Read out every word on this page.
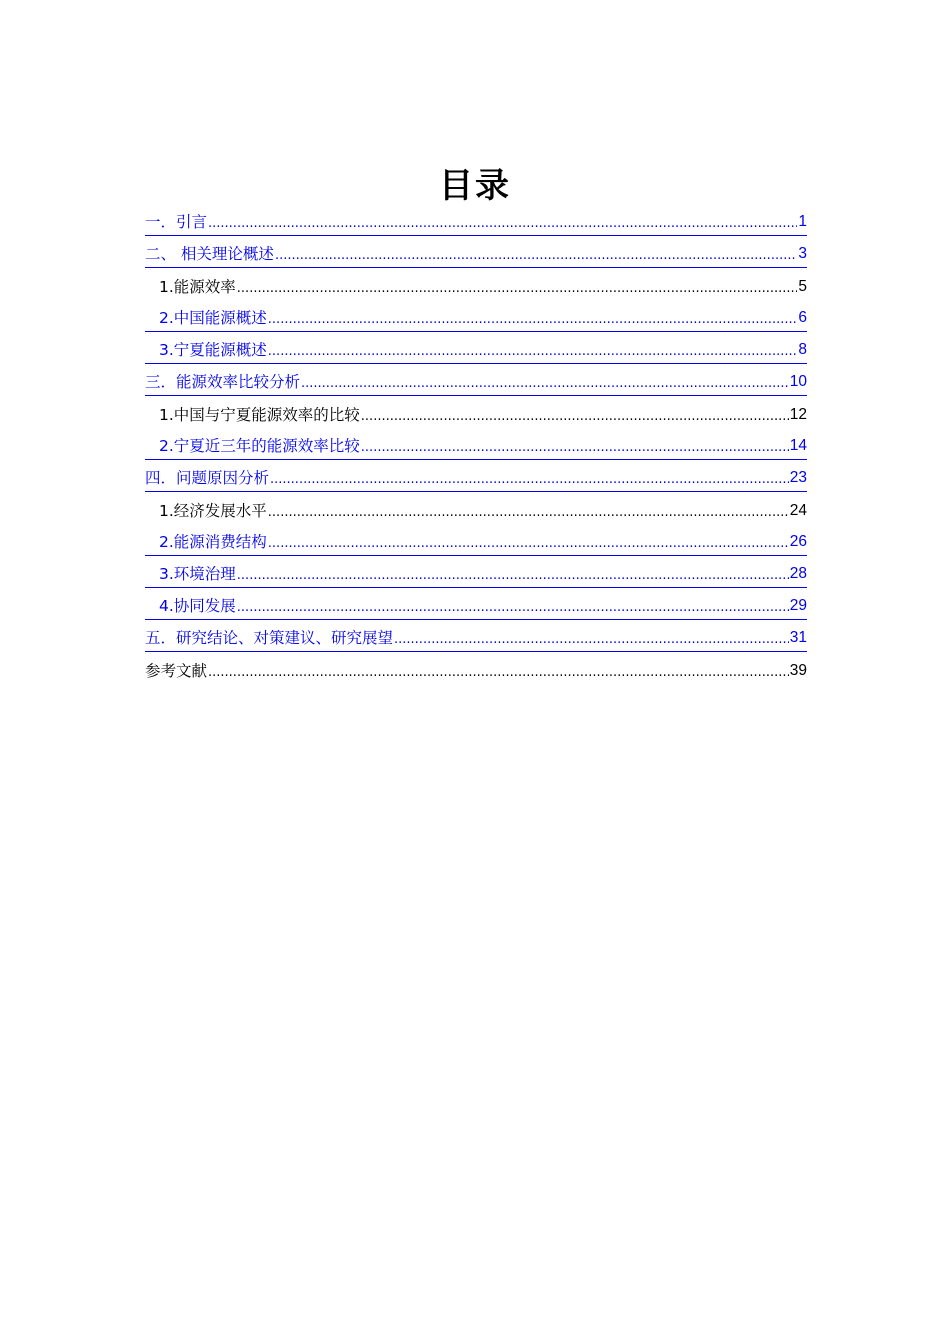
目录
一．引言 .....	1
二、 相关理论概述 .....	3
1.能源效率 .....	5
2.中国能源概述 .....	6
3.宁夏能源概述 .....	8
三．能源效率比较分析 .....	10
1.中国与宁夏能源效率的比较 .....	12
2.宁夏近三年的能源效率比较 .....	14
四．问题原因分析 .....	23
1.经济发展水平 .....	24
2.能源消费结构 .....	26
3.环境治理 .....	28
4.协同发展 .....	29
五．研究结论、对策建议、研究展望 .....	31
参考文献 .....	39
